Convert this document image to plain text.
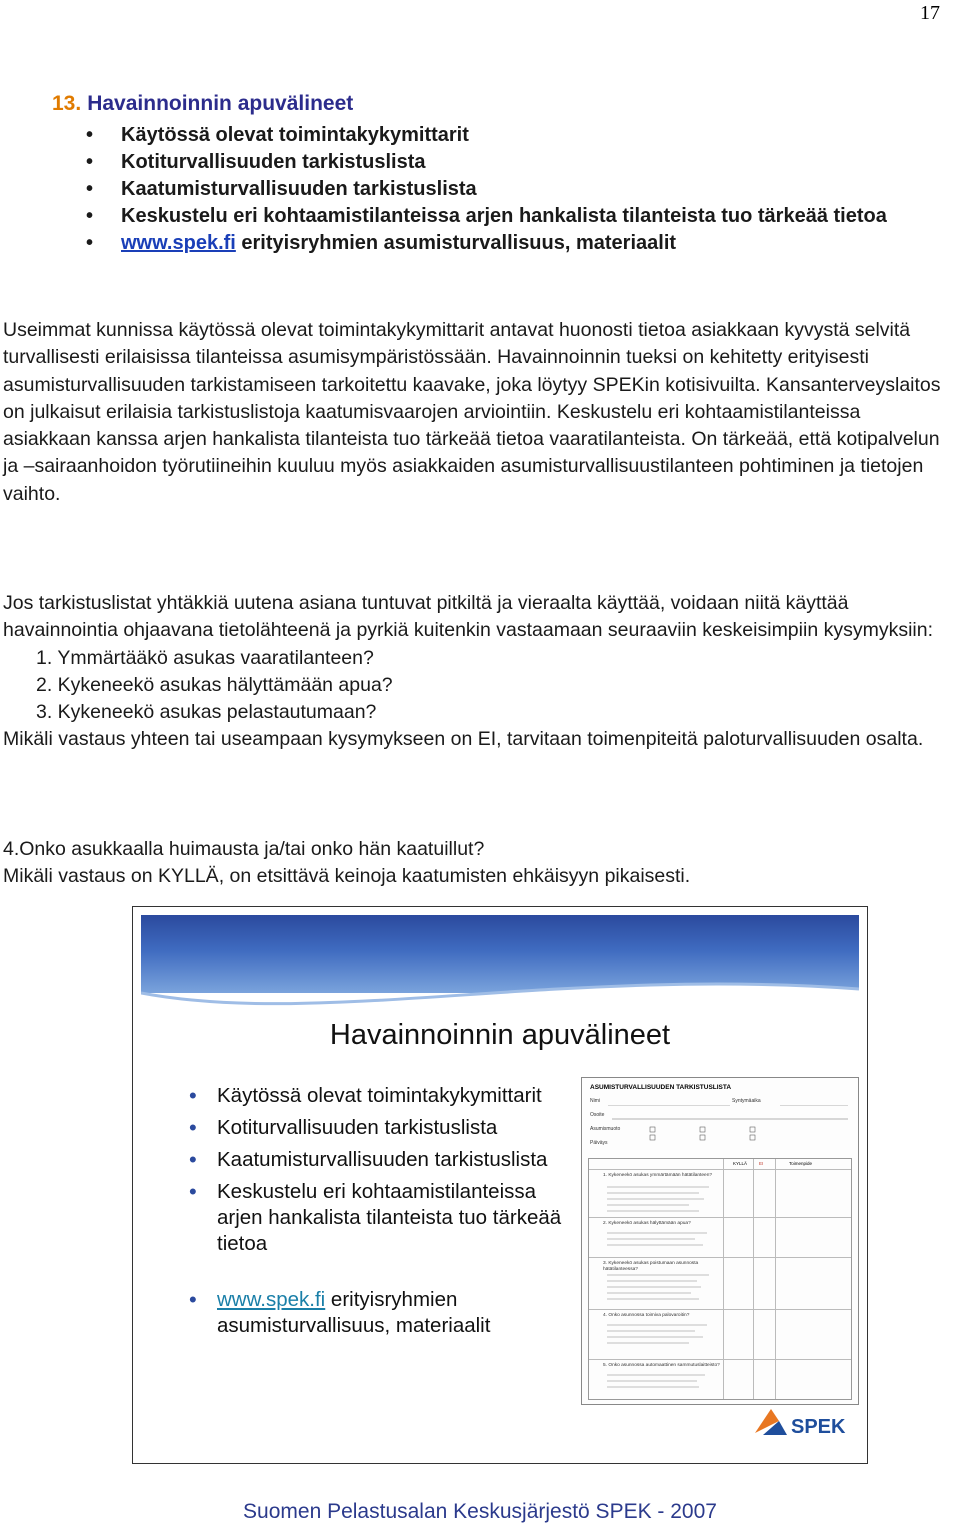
17
13. Havainnoinnin apuvälineet
• Käytössä olevat toimintakykymittarit
• Kotiturvallisuuden tarkistuslista
• Kaatumisturvallisuuden tarkistuslista
• Keskustelu eri kohtaamistilanteissa arjen hankalista tilanteista tuo tärkeää tietoa
• www.spek.fi erityisryhmien asumisturvallisuus, materiaalit
Useimmat kunnissa käytössä olevat toimintakykymittarit antavat huonosti tietoa asiakkaan kyvystä selvitä turvallisesti erilaisissa tilanteissa asumisympäristössään. Havainnoinnin tueksi on kehitetty erityisesti asumisturvallisuuden tarkistamiseen tarkoitettu kaavake, joka löytyy SPEKin kotisivuilta. Kansanterveyslaitos on julkaisut erilaisia tarkistuslistoja kaatumisvaarojen arviointiin. Keskustelu eri kohtaamistilanteissa asiakkaan kanssa arjen hankalista tilanteista tuo tärkeää tietoa vaaratilanteista. On tärkeää, että kotipalvelun ja –sairaanhoidon työrutiineihin kuuluu myös asiakkaiden asumisturvallisuustilanteen pohtiminen ja tietojen vaihto.
Jos tarkistuslistat yhtäkkiä uutena asiana tuntuvat pitkiltä ja vieraalta käyttää, voidaan niitä käyttää havainnointia ohjaavana tietolähteenä ja pyrkiä kuitenkin vastaamaan seuraaviin keskeisimpiin kysymyksiin:
1. Ymmärtääkö asukas vaaratilanteen?
2. Kykeneekö asukas hälyttämään apua?
3. Kykeneekö asukas pelastautumaan?
Mikäli vastaus yhteen tai useampaan kysymykseen on EI, tarvitaan toimenpiteitä paloturvallisuuden osalta.
4.Onko asukkaalla huimausta ja/tai onko hän kaatuillut?
Mikäli vastaus on KYLLÄ, on etsittävä keinoja kaatumisten ehkäisyyn pikaisesti.
Havainnoinnin apuvälineet
• Käytössä olevat toimintakykymittarit
• Kotiturvallisuuden tarkistuslista
• Kaatumisturvallisuuden tarkistuslista
• Keskustelu eri kohtaamistilanteissa arjen hankalista tilanteista tuo tärkeää tietoa
• www.spek.fi erityisryhmien asumisturvallisuus, materiaalit
ASUMISTURVALLISUUDEN TARKISTUSLISTA
Nimi	Syntymäaika
Osoite
Asumismuoto
Päiväys
KYLLÄ	EI	Toimenpide
1. Kykeneekö asukas ymmärtämään hätätilanteen?
2. Kykeneekö asukas hälyttämään apua?
3. Kykeneekö asukas poistumaan asunnosta hätätilanteessa?
4. Onko asunnossa toimiva palovaroitin?
5. Onko asunnossa automaattinen sammutuslaitteisto?
SPEK
Suomen Pelastusalan Keskusjärjestö SPEK - 2007
